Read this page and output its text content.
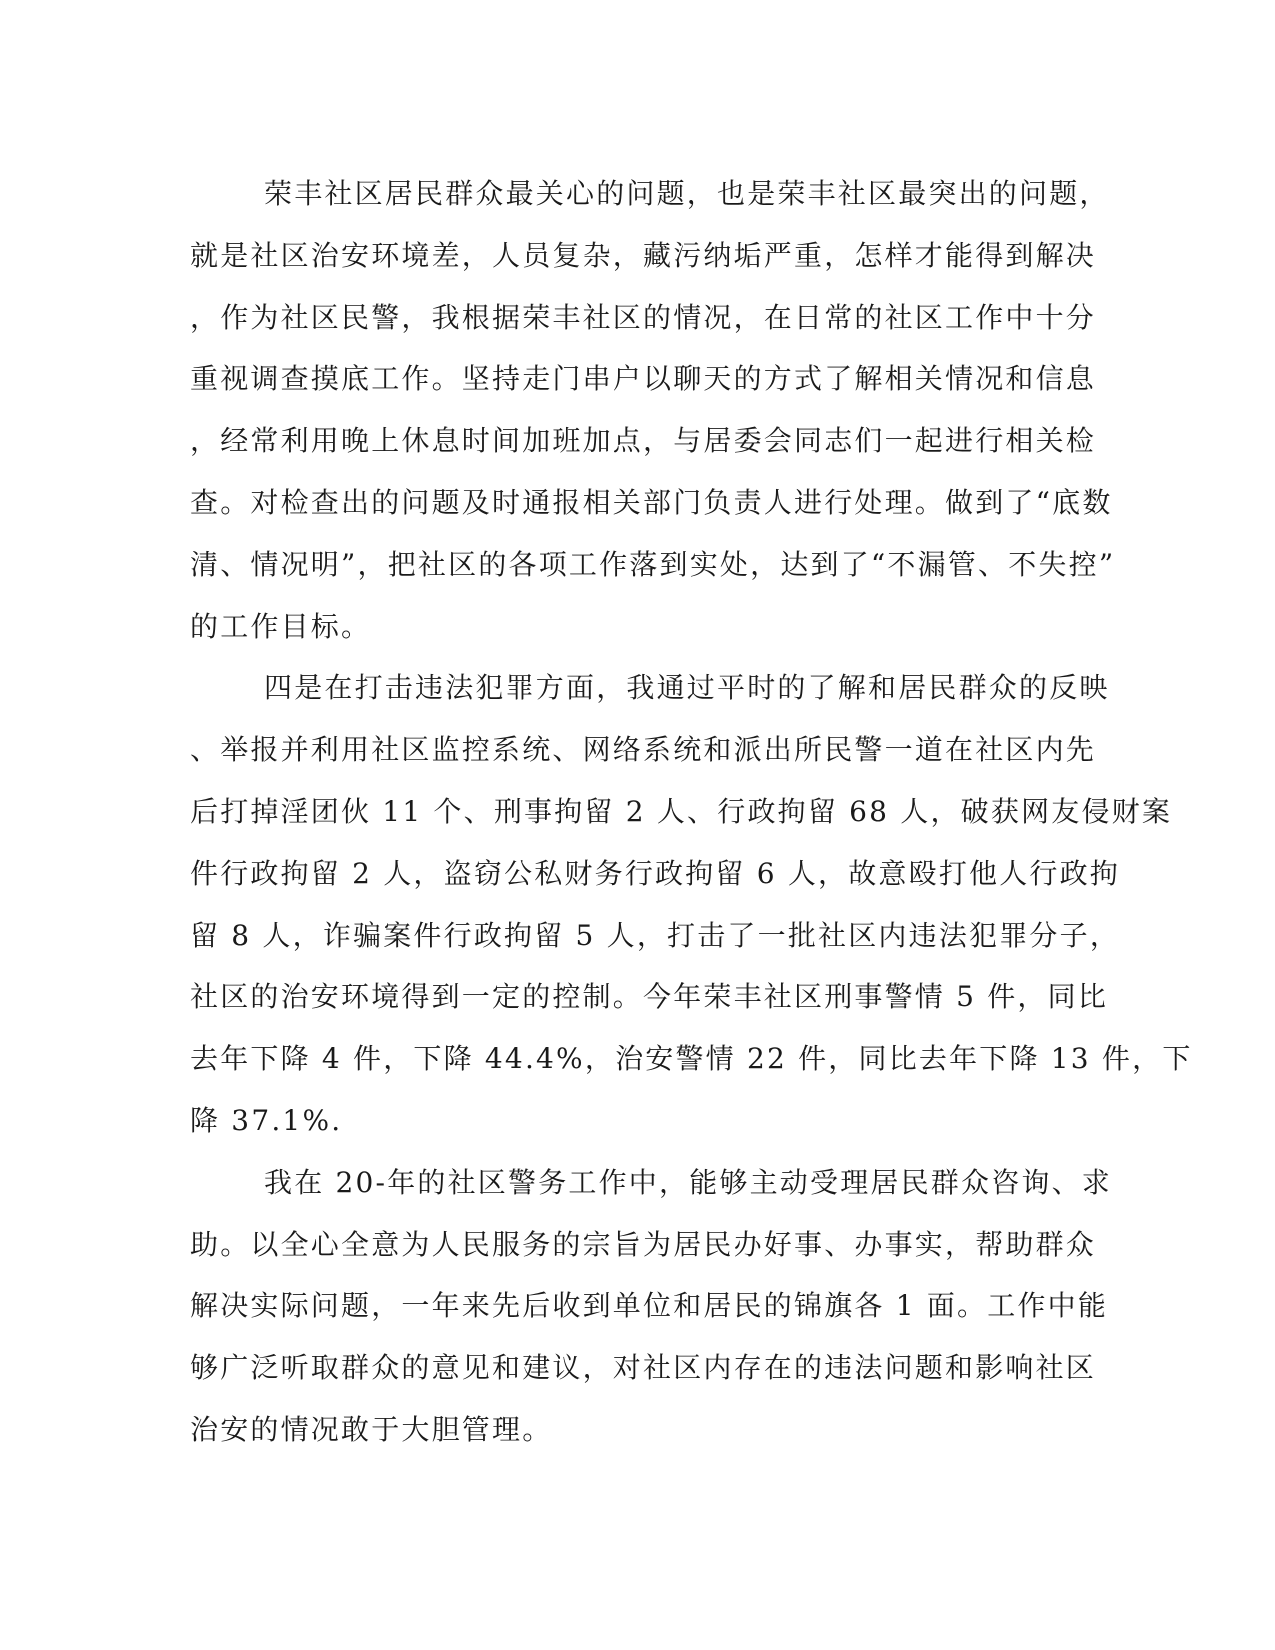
荣丰社区居民群众最关心的问题，也是荣丰社区最突出的问题，
就是社区治安环境差，人员复杂，藏污纳垢严重，怎样才能得到解决
，作为社区民警，我根据荣丰社区的情况，在日常的社区工作中十分
重视调查摸底工作。坚持走门串户以聊天的方式了解相关情况和信息
，经常利用晚上休息时间加班加点，与居委会同志们一起进行相关检
查。对检查出的问题及时通报相关部门负责人进行处理。做到了“底数
清、情况明”，把社区的各项工作落到实处，达到了“不漏管、不失控”
的工作目标。

四是在打击违法犯罪方面，我通过平时的了解和居民群众的反映
、举报并利用社区监控系统、网络系统和派出所民警一道在社区内先
后打掉淫团伙 11 个、刑事拘留 2 人、行政拘留 68 人，破获网友侵财案
件行政拘留 2 人，盗窃公私财务行政拘留 6 人，故意殴打他人行政拘
留 8 人，诈骗案件行政拘留 5 人，打击了一批社区内违法犯罪分子，
社区的治安环境得到一定的控制。今年荣丰社区刑事警情 5 件，同比
去年下降 4 件，下降 44.4%，治安警情 22 件，同比去年下降 13 件，下
降 37.1%.

我在 20-年的社区警务工作中，能够主动受理居民群众咨询、求
助。以全心全意为人民服务的宗旨为居民办好事、办事实，帮助群众
解决实际问题，一年来先后收到单位和居民的锦旗各 1 面。工作中能
够广泛听取群众的意见和建议，对社区内存在的违法问题和影响社区
治安的情况敢于大胆管理。
